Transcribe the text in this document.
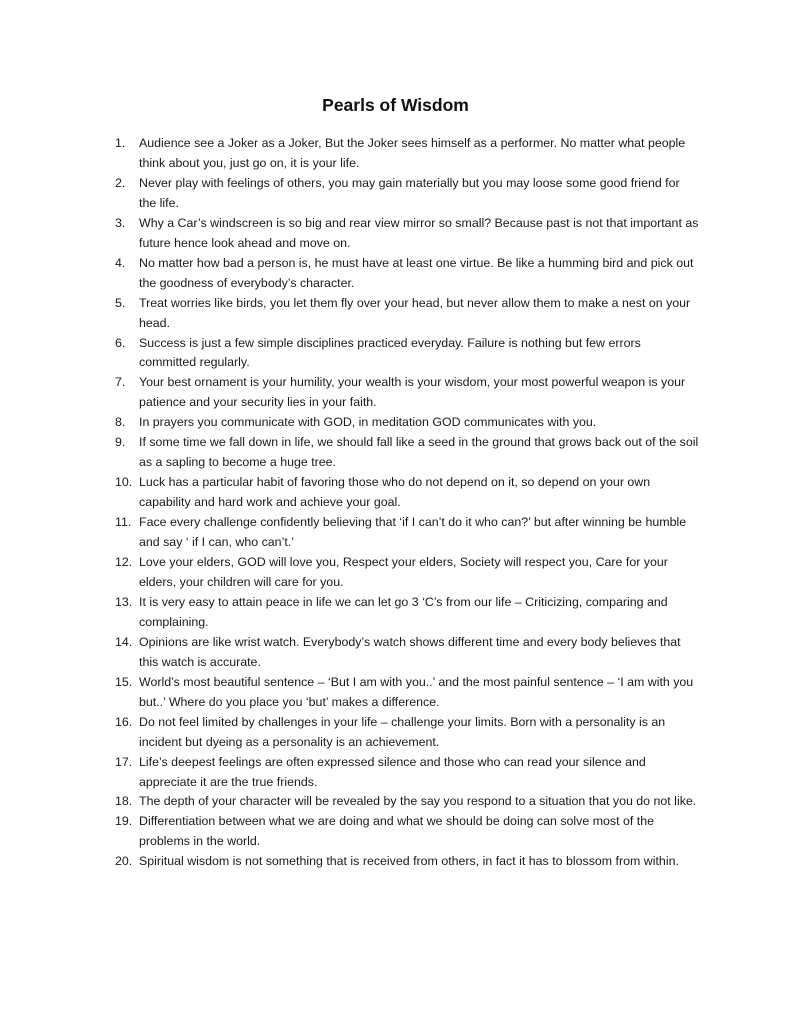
Pearls of Wisdom
1.	Audience see a Joker as a Joker, But the Joker sees himself as a performer. No matter what people think about you, just go on, it is your life.
2.	Never play with feelings of others, you may gain materially but you may loose some good friend for the life.
3.	Why a Car’s windscreen is so big and rear view mirror so small? Because past is not that important as future hence look ahead and move on.
4.	No matter how bad a person is, he must have at least one virtue. Be like a humming bird and pick out the goodness of everybody’s character.
5.	Treat worries like birds, you let them fly over your head, but never allow them to make a nest on your head.
6.	Success is just a few simple disciplines practiced everyday. Failure is nothing but few errors committed regularly.
7.	Your best ornament is your humility, your wealth is your wisdom, your most powerful weapon is your patience and your security lies in your faith.
8.	In prayers you communicate with GOD, in meditation GOD communicates with you.
9.	If some time we fall down in life, we should fall like a seed in the ground that grows back out of the soil as a sapling to become a huge tree.
10. Luck has a particular habit of favoring those who do not depend on it, so depend on your own capability and hard work and achieve your goal.
11. Face every challenge confidently believing that ‘if I can’t do it who can?’ but after winning be humble and say ‘ if I can, who can’t.’
12. Love your elders, GOD will love you, Respect your elders, Society will respect you, Care for your elders, your children will care for you.
13. It is very easy to attain peace in life we can let go 3 ‘C’s from our life – Criticizing, comparing and complaining.
14. Opinions are like wrist watch. Everybody’s watch shows different time and every body believes that this watch is accurate.
15. World’s most beautiful sentence – ‘But I am with you..’ and the most painful sentence – ‘I am with you but..’ Where do you place you ‘but’ makes a difference.
16. Do not feel limited by challenges in your life – challenge your limits. Born with a personality is an incident but dyeing as a personality is an achievement.
17. Life’s deepest feelings are often expressed silence and those who can read your silence and appreciate it are the true friends.
18. The depth of your character will be revealed by the say you respond to a situation that you do not like.
19. Differentiation between what we are doing and what we should be doing can solve most of the problems in the world.
20. Spiritual wisdom is not something that is received from others, in fact it has to blossom from within.
